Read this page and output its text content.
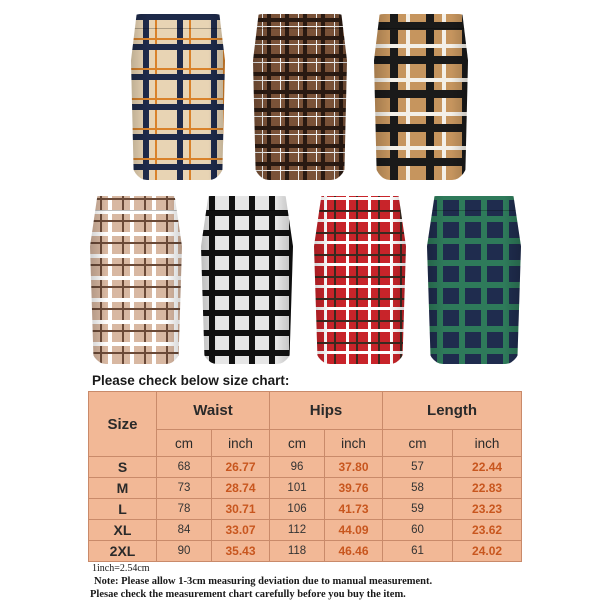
Please check below size chart:
Size	Waist		Hips		Length	
	cm	inch	cm	inch	cm	inch
S	68	26.77	96	37.80	57	22.44
M	73	28.74	101	39.76	58	22.83
L	78	30.71	106	41.73	59	23.23
XL	84	33.07	112	44.09	60	23.62
2XL	90	35.43	118	46.46	61	24.02
1inch=2.54cm
Note: Please allow 1-3cm measuring deviation due to manual measurement.
Plesae check the measurement chart carefully before you buy the item.
